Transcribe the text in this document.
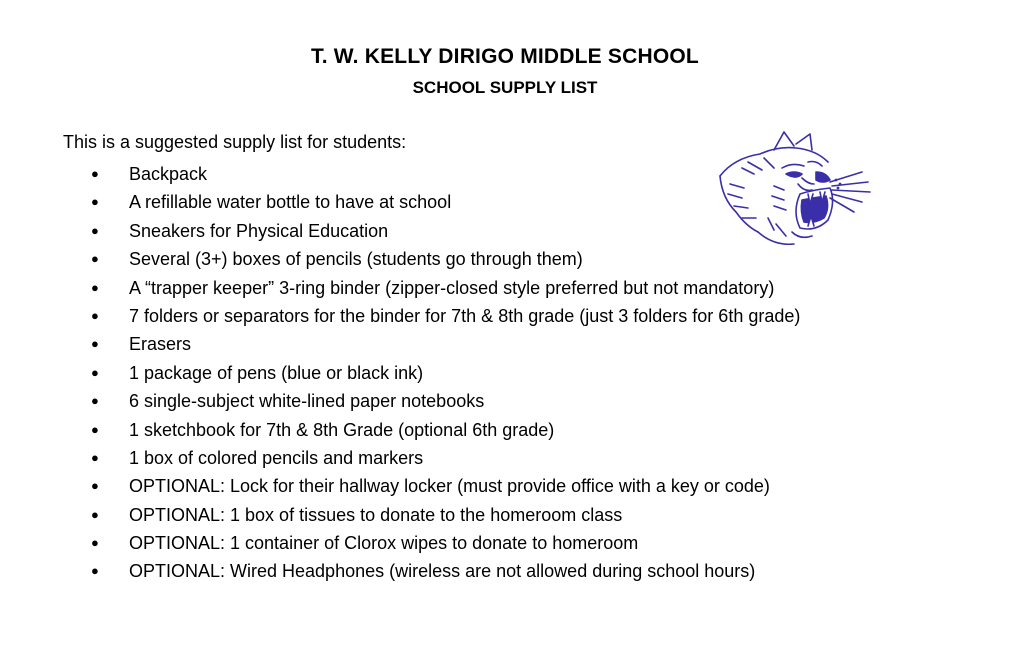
T. W. KELLY DIRIGO MIDDLE SCHOOL
SCHOOL SUPPLY LIST

This is a suggested supply list for students:

● Backpack
● A refillable water bottle to have at school
● Sneakers for Physical Education
● Several (3+) boxes of pencils (students go through them)
● A “trapper keeper” 3-ring binder (zipper-closed style preferred but not mandatory)
● 7 folders or separators for the binder for 7th & 8th grade (just 3 folders for 6th grade)
● Erasers
● 1 package of pens (blue or black ink)
● 6 single-subject white-lined paper notebooks
● 1 sketchbook for 7th & 8th Grade (optional 6th grade)
● 1 box of colored pencils and markers
● OPTIONAL: Lock for their hallway locker (must provide office with a key or code)
● OPTIONAL: 1 box of tissues to donate to the homeroom class
● OPTIONAL: 1 container of Clorox wipes to donate to homeroom
● OPTIONAL: Wired Headphones (wireless are not allowed during school hours)
